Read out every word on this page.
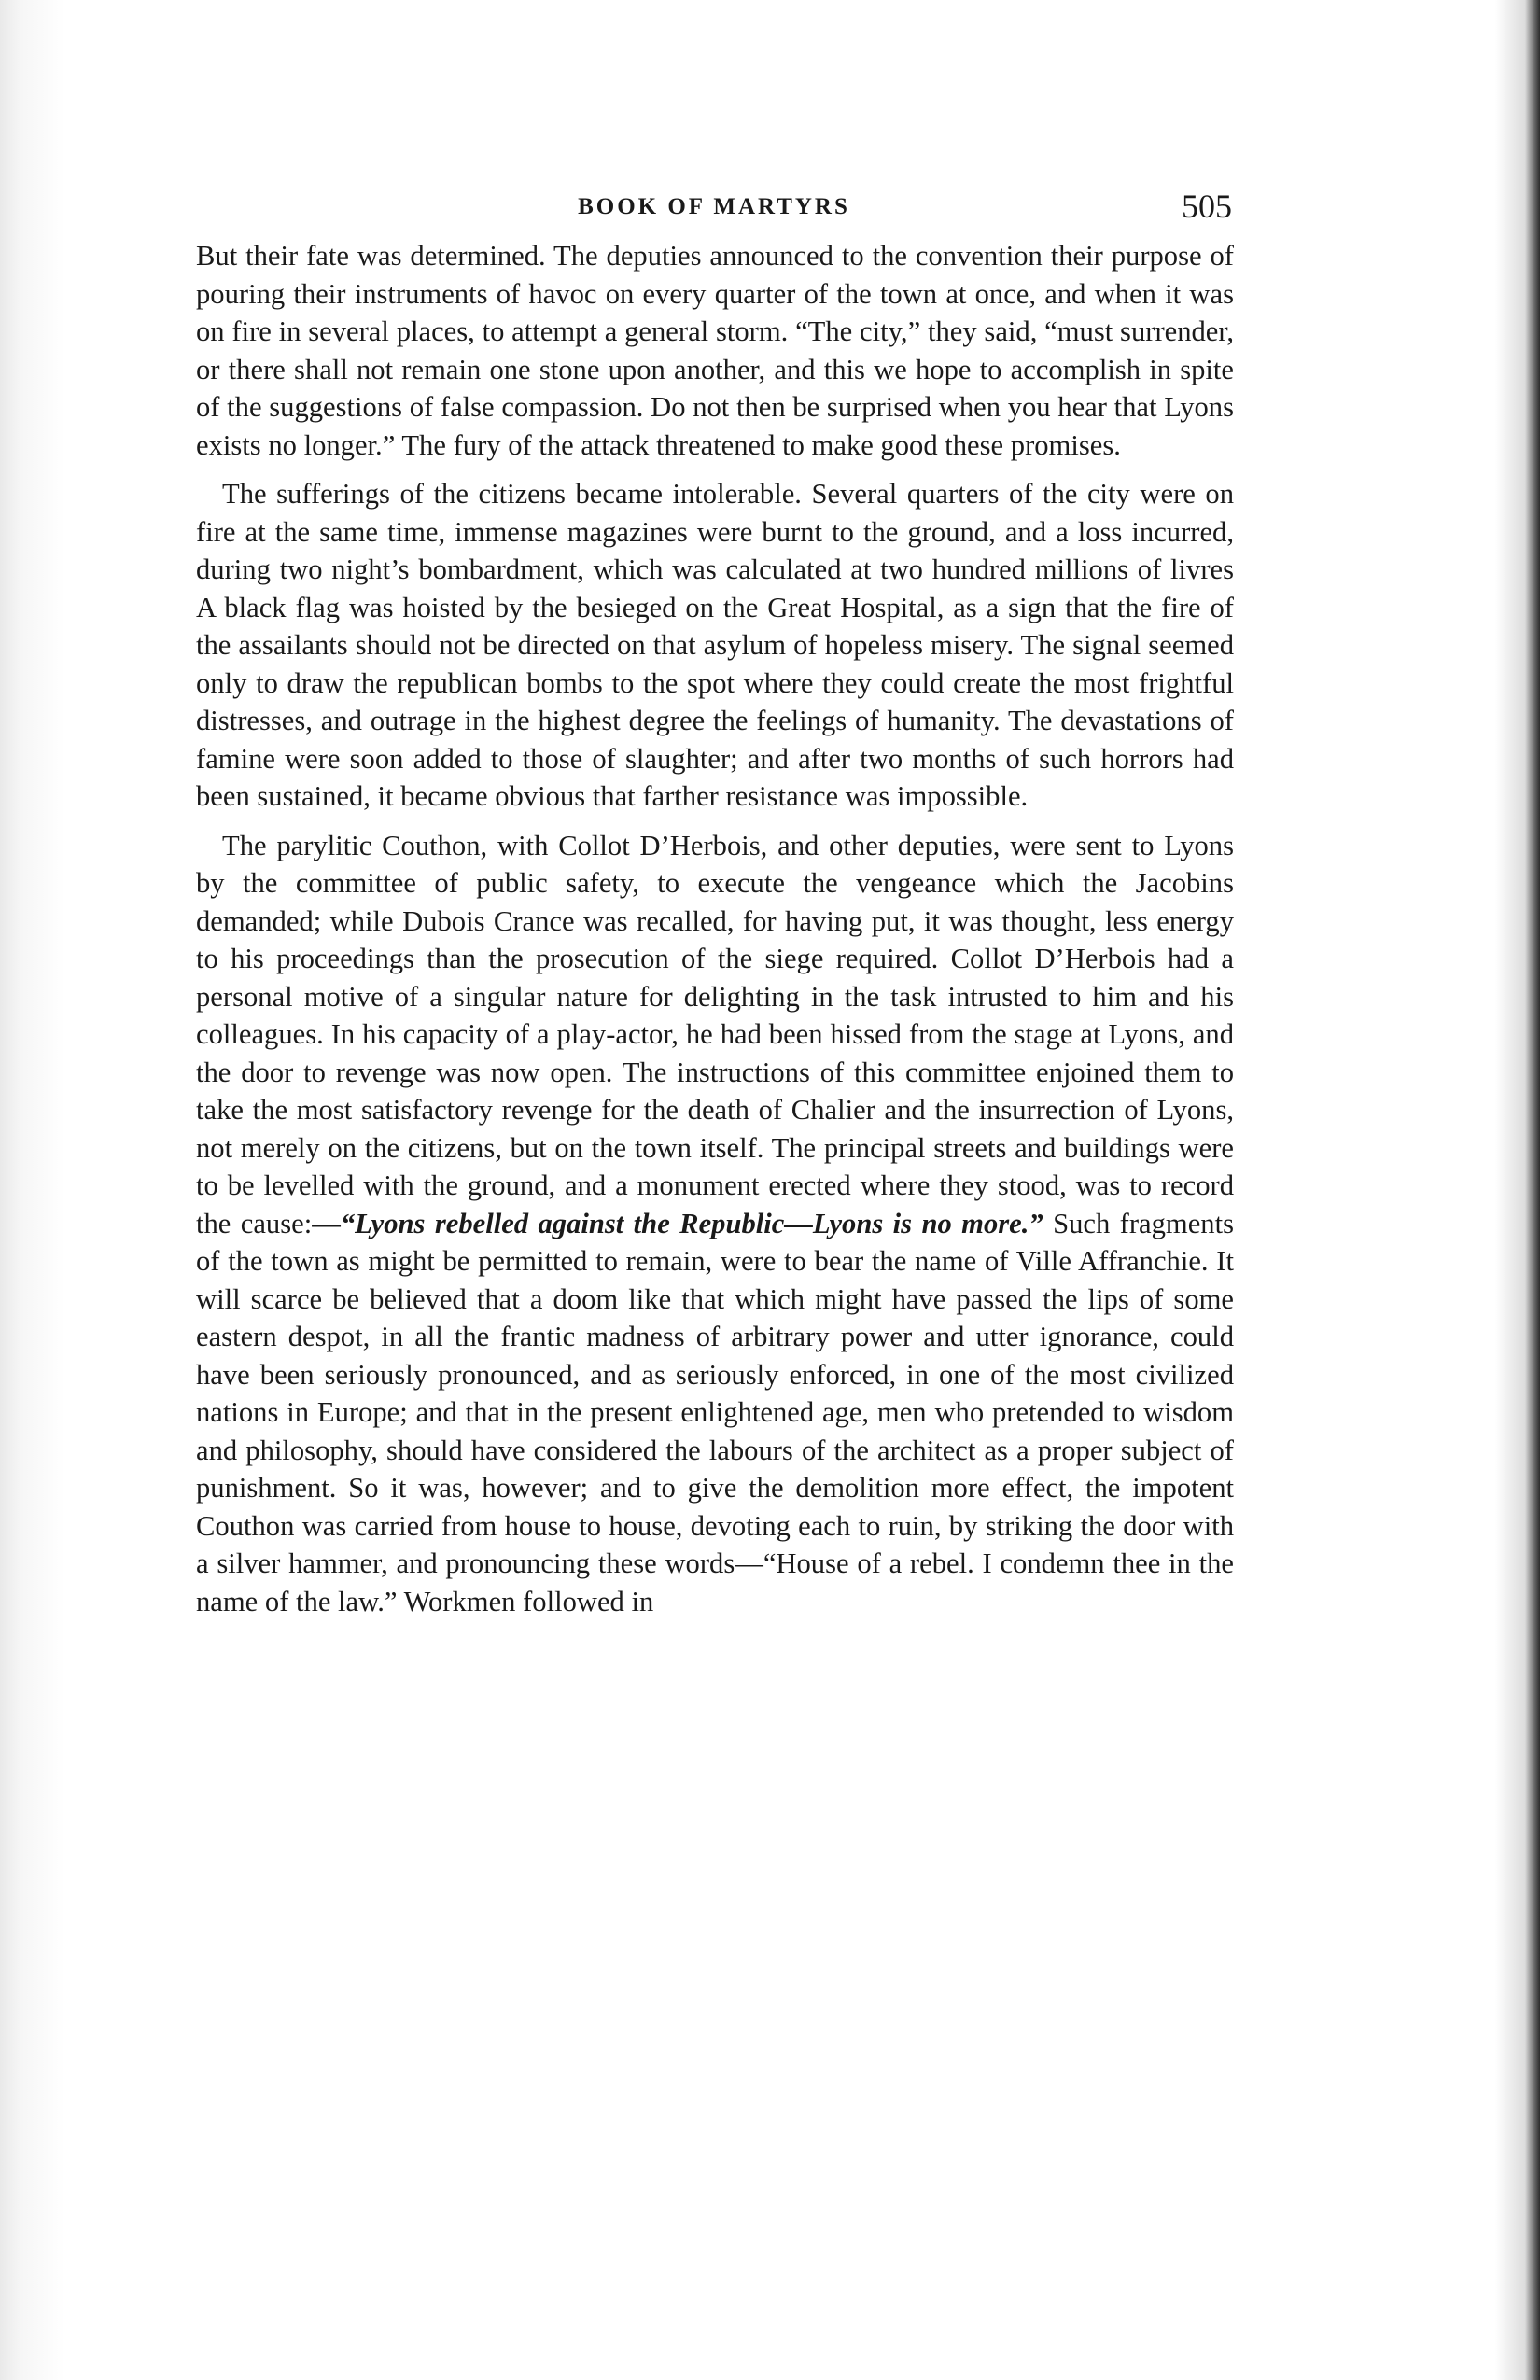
BOOK OF MARTYRS	505

But their fate was determined. The deputies announced to the convention their purpose of pouring their instruments of havoc on every quarter of the town at once, and when it was on fire in several places, to attempt a general storm. “The city,” they said, “must surrender, or there shall not remain one stone upon another, and this we hope to accomplish in spite of the suggestions of false compassion. Do not then be surprised when you hear that Lyons exists no longer.” The fury of the attack threatened to make good these promises.

The sufferings of the citizens became intolerable. Several quarters of the city were on fire at the same time, immense magazines were burnt to the ground, and a loss incurred, during two night’s bombardment, which was calculated at two hundred millions of livres A black flag was hoisted by the besieged on the Great Hospital, as a sign that the fire of the assailants should not be directed on that asylum of hopeless misery. The signal seemed only to draw the republican bombs to the spot where they could create the most frightful distresses, and outrage in the highest degree the feelings of humanity. The devastations of famine were soon added to those of slaughter; and after two months of such horrors had been sustained, it became obvious that farther resistance was impossible.

The parylitic Couthon, with Collot D’Herbois, and other deputies, were sent to Lyons by the committee of public safety, to execute the vengeance which the Jacobins demanded; while Dubois Crance was recalled, for having put, it was thought, less energy to his proceedings than the prosecution of the siege required. Collot D’Herbois had a personal motive of a singular nature for delighting in the task intrusted to him and his colleagues. In his capacity of a play-actor, he had been hissed from the stage at Lyons, and the door to revenge was now open. The instructions of this committee enjoined them to take the most satisfactory revenge for the death of Chalier and the insurrection of Lyons, not merely on the citizens, but on the town itself. The principal streets and buildings were to be levelled with the ground, and a monument erected where they stood, was to record the cause:—“Lyons rebelled against the Republic—Lyons is no more.” Such fragments of the town as might be permitted to remain, were to bear the name of Ville Affranchie. It will scarce be believed that a doom like that which might have passed the lips of some eastern despot, in all the frantic madness of arbitrary power and utter ignorance, could have been seriously pronounced, and as seriously enforced, in one of the most civilized nations in Europe; and that in the present enlightened age, men who pretended to wisdom and philosophy, should have considered the labours of the architect as a proper subject of punishment. So it was, however; and to give the demolition more effect, the impotent Couthon was carried from house to house, devoting each to ruin, by striking the door with a silver hammer, and pronouncing these words—“House of a rebel. I condemn thee in the name of the law.” Workmen followed in
